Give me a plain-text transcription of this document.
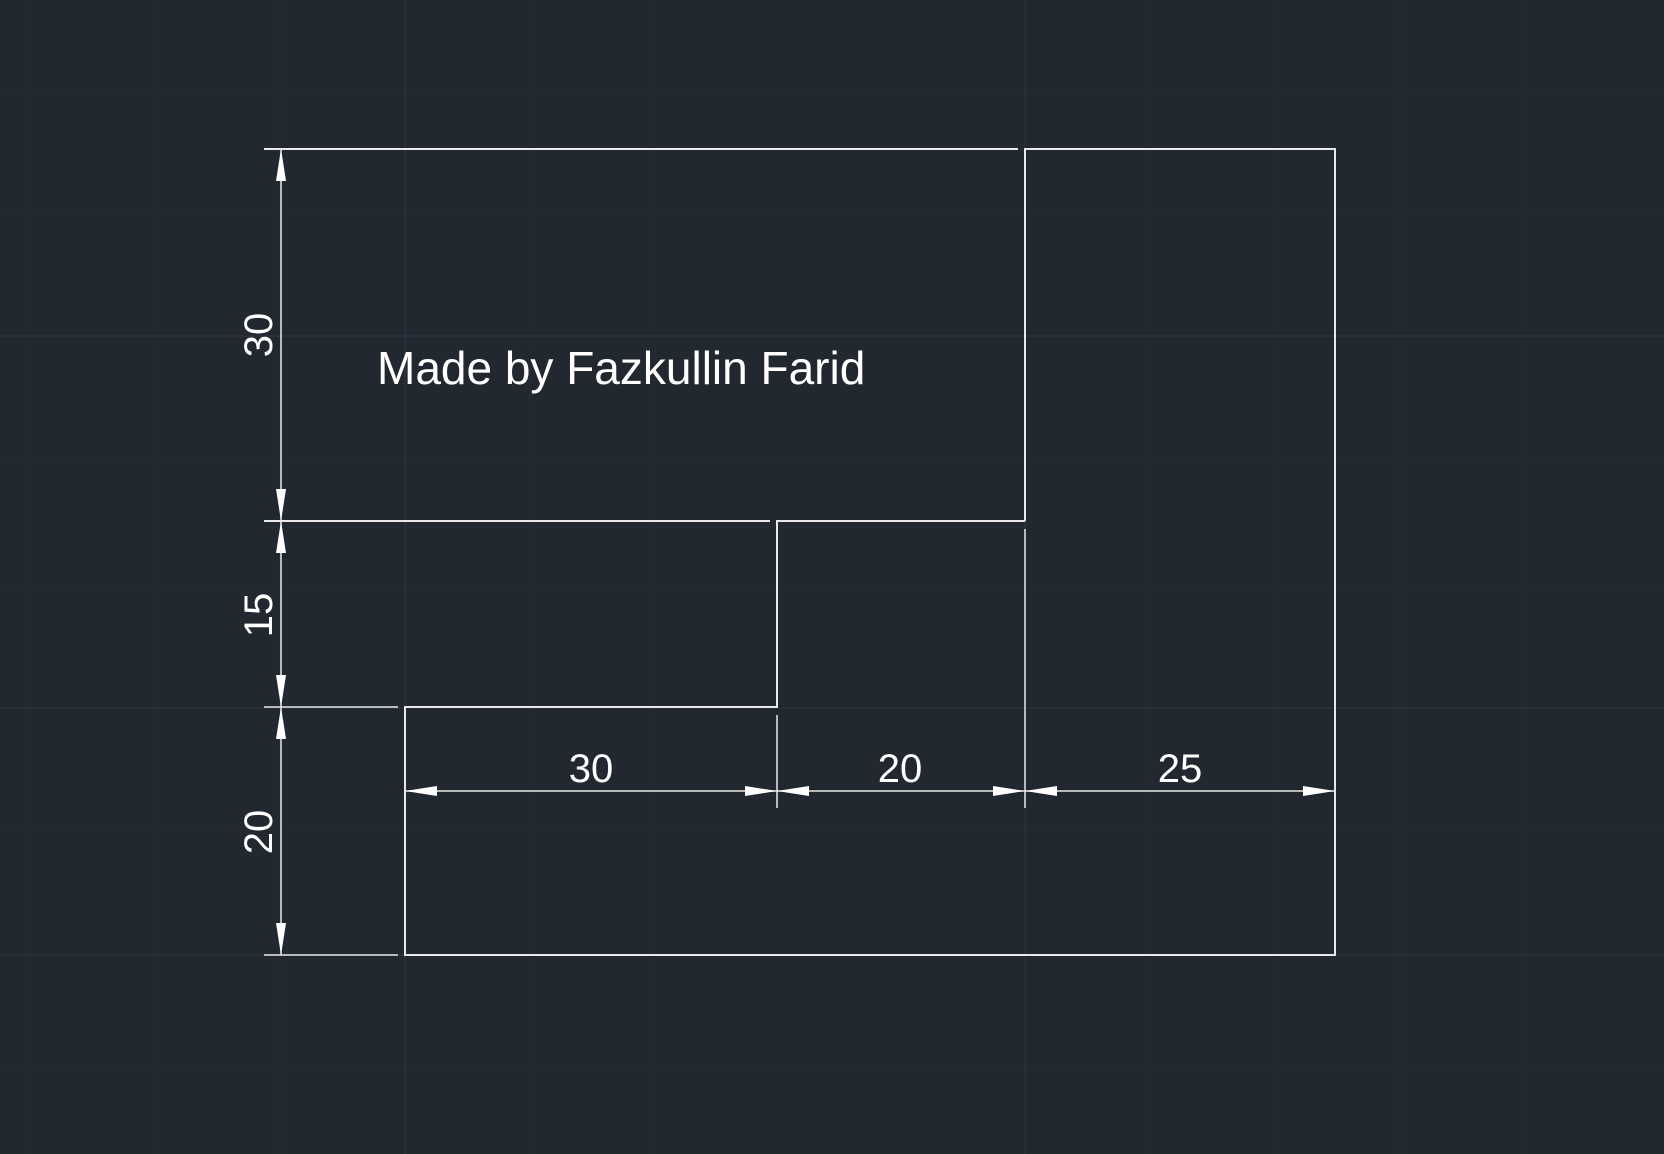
30
15
20
30	20	25
Made by Fazkullin Farid
